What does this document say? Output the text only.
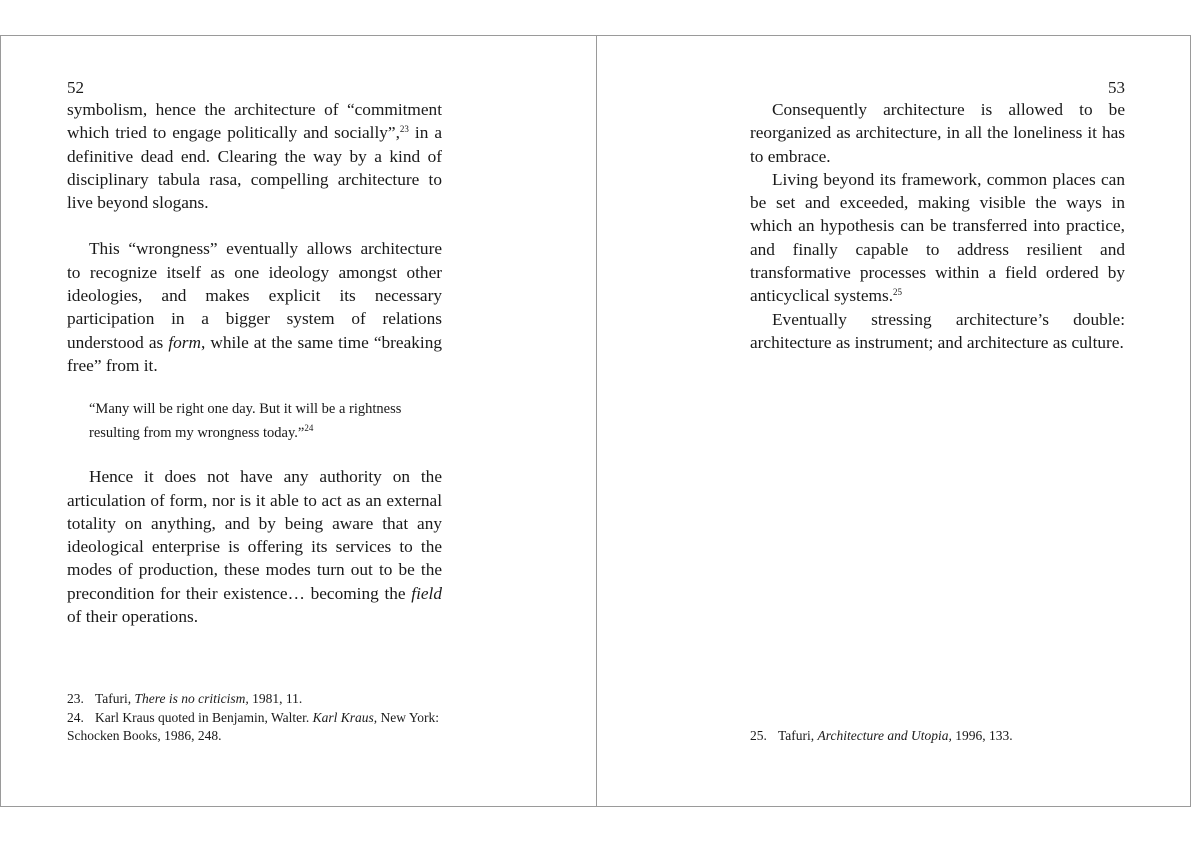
52

symbolism, hence the architecture of “commitment which tried to engage politically and socially”,$^{23}$ in a definitive dead end. Clearing the way by a kind of disciplinary tabula rasa, compelling architecture to live beyond slogans.

This “wrongness” eventually allows architecture to recognize itself as one ideology amongst other ideologies, and makes explicit its necessary participation in a bigger system of relations understood as form, while at the same time “breaking free” from it.

“Many will be right one day. But it will be a rightness resulting from my wrongness today.”$^{24}$

Hence it does not have any authority on the articulation of form, nor is it able to act as an external totality on anything, and by being aware that any ideological enterprise is offering its services to the modes of production, these modes turn out to be the precondition for their existence… becoming the field of their operations.

23. Tafuri, There is no criticism, 1981, 11.

24. Karl Kraus quoted in Benjamin, Walter. Karl Kraus, New York: Schocken Books, 1986, 248.

53

Consequently architecture is allowed to be reorganized as architecture, in all the loneliness it has to embrace.

Living beyond its framework, common places can be set and exceeded, making visible the ways in which an hypothesis can be transferred into practice, and finally capable to address resilient and transformative processes within a field ordered by anticyclical systems.$^{25}$

Eventually stressing architecture’s double: architecture as instrument; and architecture as culture.

25. Tafuri, Architecture and Utopia, 1996, 133.
